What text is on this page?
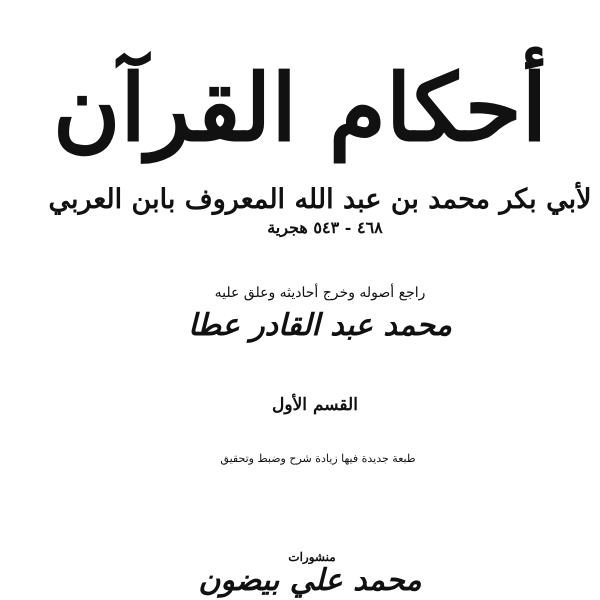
أحكام القرآن
لأبي بكر محمد بن عبد الله المعروف بابن العربي
٤٦٨ - ٥٤٣ هجرية
راجع أصوله وخرج أحاديثه وعلق عليه
محمد عبد القادر عطا
القسم الأول
طبعة جديدة فيها زيادة شرح وضبط وتحقيق
منشورات
محمد علي بيضون
